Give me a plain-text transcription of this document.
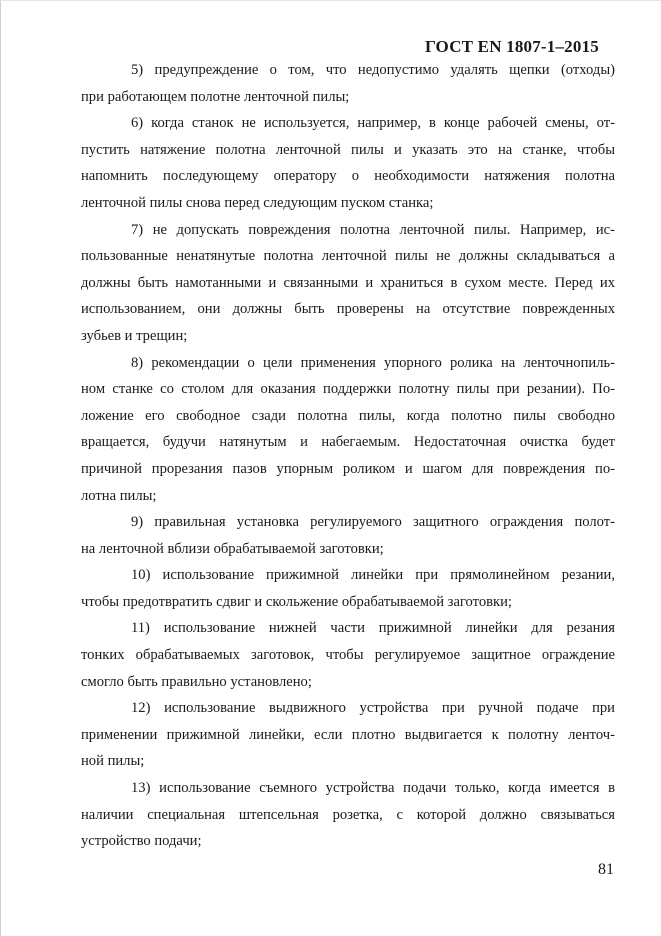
ГОСТ EN 1807-1–2015
5) предупреждение о том, что недопустимо удалять щепки (отходы)
при работающем полотне ленточной пилы;
6) когда станок не используется, например, в конце рабочей смены, от-
пустить натяжение полотна ленточной пилы и указать это на станке, чтобы
напомнить последующему оператору о необходимости натяжения полотна
ленточной пилы снова перед следующим пуском станка;
7) не допускать повреждения полотна ленточной пилы. Например, ис-
пользованные ненатянутые полотна ленточной пилы не должны складываться а
должны быть намотанными и связанными и храниться в сухом месте. Перед их
использованием, они должны быть проверены на отсутствие поврежденных
зубьев и трещин;
8) рекомендации о цели применения упорного ролика на ленточнопиль-
ном станке со столом для оказания поддержки полотну пилы при резании). По-
ложение его свободное сзади полотна пилы, когда полотно пилы свободно
вращается, будучи натянутым и набегаемым. Недостаточная очистка будет
причиной прорезания пазов упорным роликом и шагом для повреждения по-
лотна пилы;
9) правильная установка регулируемого защитного ограждения полот-
на ленточной вблизи обрабатываемой заготовки;
10) использование прижимной линейки при прямолинейном резании,
чтобы предотвратить сдвиг и скольжение обрабатываемой заготовки;
11) использование нижней части прижимной линейки для резания
тонких обрабатываемых заготовок, чтобы регулируемое защитное ограждение
смогло быть правильно установлено;
12) использование выдвижного устройства при ручной подаче при
применении прижимной линейки, если плотно выдвигается к полотну ленточ-
ной пилы;
13) использование съемного устройства подачи только, когда имеется в
наличии специальная штепсельная розетка, с которой должно связываться
устройство подачи;
81
